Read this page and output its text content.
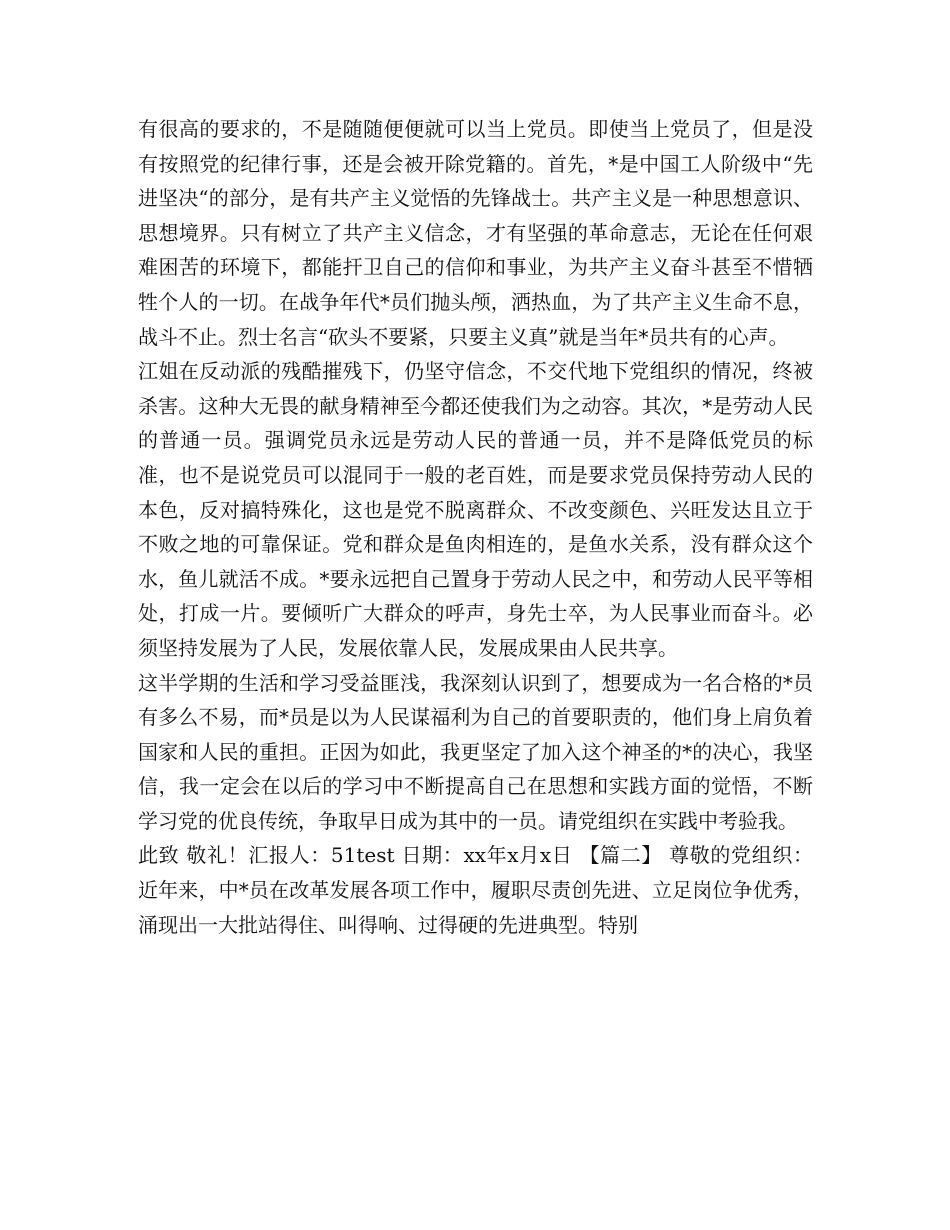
有很高的要求的，不是随随便便就可以当上党员。即使当上党员了，但是没有按照党的纪律行事，还是会被开除党籍的。首先，*是中国工人阶级中“先进坚决“的部分，是有共产主义觉悟的先锋战士。共产主义是一种思想意识、思想境界。只有树立了共产主义信念，才有坚强的革命意志，无论在任何艰难困苦的环境下，都能扞卫自己的信仰和事业，为共产主义奋斗甚至不惜牺牲个人的一切。在战争年代*员们抛头颅，洒热血，为了共产主义生命不息，战斗不止。烈士名言“砍头不要紧，只要主义真”就是当年*员共有的心声。

江姐在反动派的残酷摧残下，仍坚守信念，不交代地下党组织的情况，终被杀害。这种大无畏的献身精神至今都还使我们为之动容。其次，*是劳动人民的普通一员。强调党员永远是劳动人民的普通一员，并不是降低党员的标准，也不是说党员可以混同于一般的老百姓，而是要求党员保持劳动人民的本色，反对搞特殊化，这也是党不脱离群众、不改变颜色、兴旺发达且立于不败之地的可靠保证。党和群众是鱼肉相连的，是鱼水关系，没有群众这个水，鱼儿就活不成。*要永远把自己置身于劳动人民之中，和劳动人民平等相处，打成一片。要倾听广大群众的呼声，身先士卒，为人民事业而奋斗。必须坚持发展为了人民，发展依靠人民，发展成果由人民共享。

这半学期的生活和学习受益匪浅，我深刻认识到了，想要成为一名合格的*员有多么不易，而*员是以为人民谋福利为自己的首要职责的，他们身上肩负着国家和人民的重担。正因为如此，我更坚定了加入这个神圣的*的决心，我坚信，我一定会在以后的学习中不断提高自己在思想和实践方面的觉悟，不断学习党的优良传统，争取早日成为其中的一员。请党组织在实践中考验我。

此致 敬礼！汇报人：51test 日期：xx年x月x日 【篇二】 尊敬的党组织： 近年来，中*员在改革发展各项工作中，履职尽责创先进、立足岗位争优秀，涌现出一大批站得住、叫得响、过得硬的先进典型。特别
